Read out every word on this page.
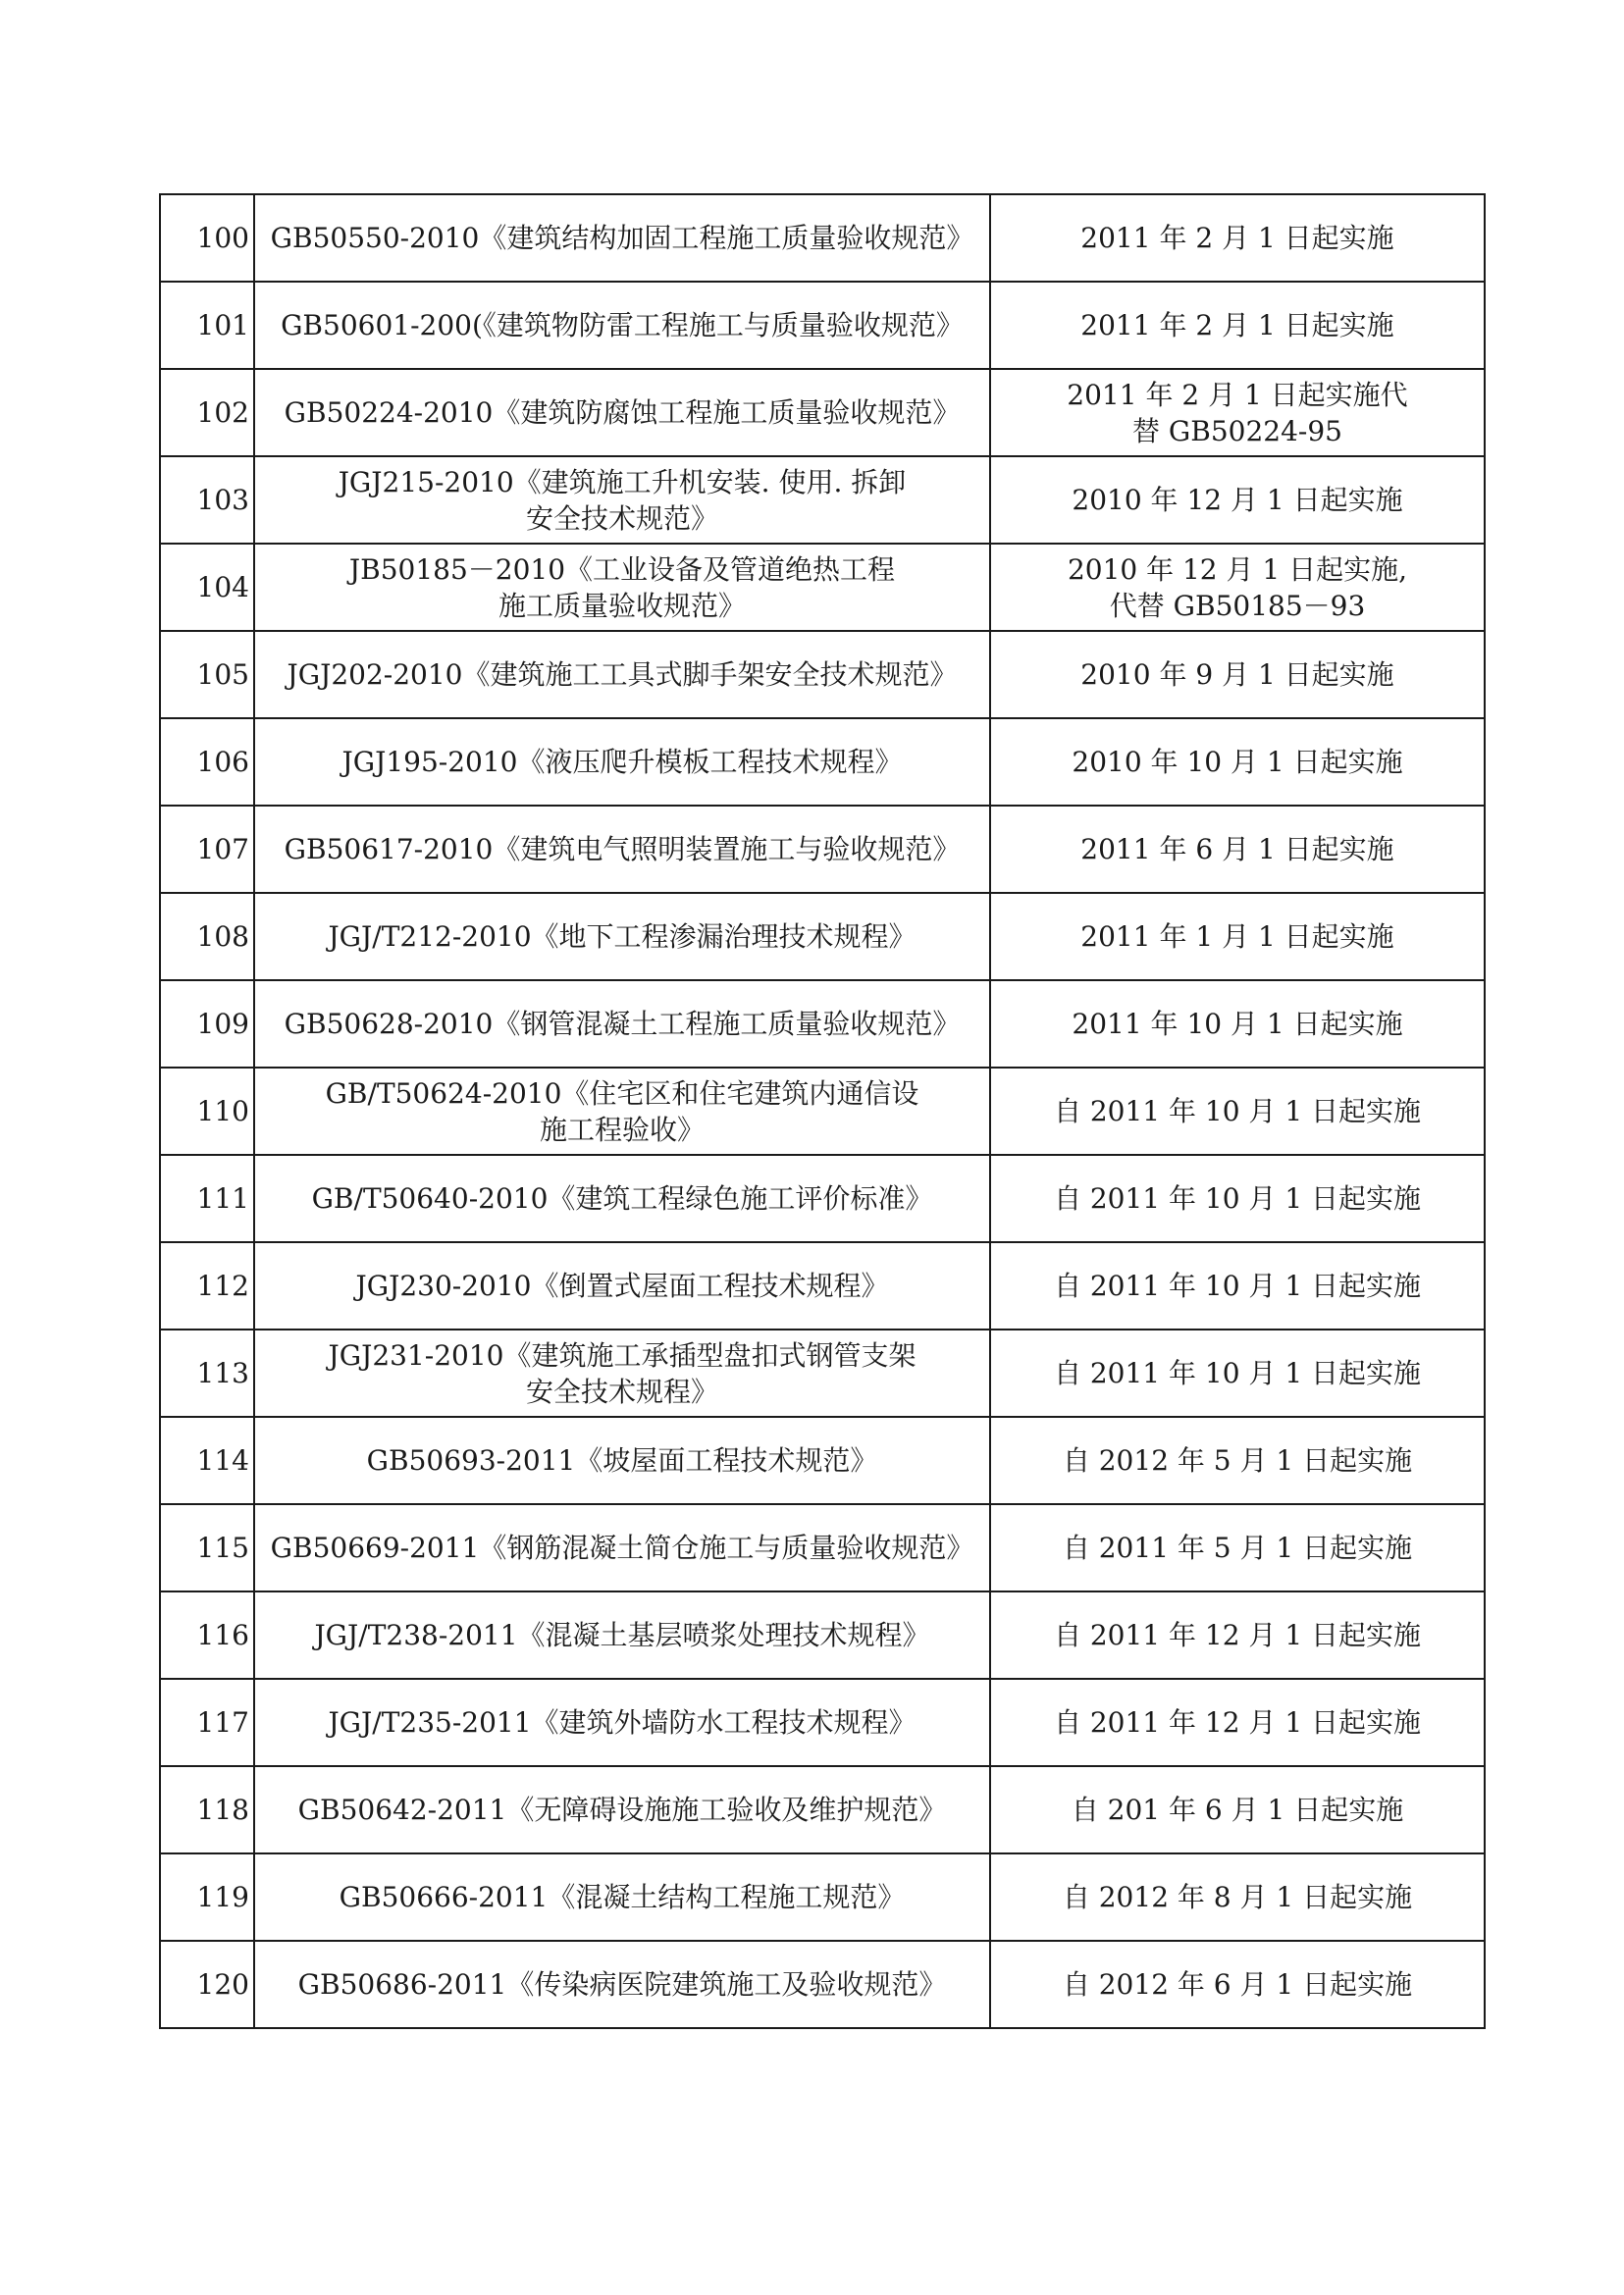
100	GB50550-2010《建筑结构加固工程施工质量验收规范》	2011 年 2 月 1 日起实施

101	GB50601-200(《建筑物防雷工程施工与质量验收规范》	2011 年 2 月 1 日起实施

102	GB50224-2010《建筑防腐蚀工程施工质量验收规范》	2011 年 2 月 1 日起实施代
替 GB50224-95

103	JGJ215-2010《建筑施工升机安装. 使用. 拆卸
安全技术规范》	2010 年 12 月 1 日起实施

104	JB50185－2010《工业设备及管道绝热工程
施工质量验收规范》	2010 年 12 月 1 日起实施,
代替 GB50185－93

105	JGJ202-2010《建筑施工工具式脚手架安全技术规范》	2010 年 9 月 1 日起实施

106	JGJ195-2010《液压爬升模板工程技术规程》	2010 年 10 月 1 日起实施

107	GB50617-2010《建筑电气照明装置施工与验收规范》	2011 年 6 月 1 日起实施

108	JGJ/T212-2010《地下工程渗漏治理技术规程》	2011 年 1 月 1 日起实施

109	GB50628-2010《钢管混凝土工程施工质量验收规范》	2011 年 10 月 1 日起实施

110	GB/T50624-2010《住宅区和住宅建筑内通信设
施工程验收》	自 2011 年 10 月 1 日起实施

111	GB/T50640-2010《建筑工程绿色施工评价标准》	自 2011 年 10 月 1 日起实施

112	JGJ230-2010《倒置式屋面工程技术规程》	自 2011 年 10 月 1 日起实施

113	JGJ231-2010《建筑施工承插型盘扣式钢管支架
安全技术规程》	自 2011 年 10 月 1 日起实施

114	GB50693-2011《坡屋面工程技术规范》	自 2012 年 5 月 1 日起实施

115	GB50669-2011《钢筋混凝土简仓施工与质量验收规范》	自 2011 年 5 月 1 日起实施

116	JGJ/T238-2011《混凝土基层喷浆处理技术规程》	自 2011 年 12 月 1 日起实施

117	JGJ/T235-2011《建筑外墙防水工程技术规程》	自 2011 年 12 月 1 日起实施

118	GB50642-2011《无障碍设施施工验收及维护规范》	自 201 年 6 月 1 日起实施

119	GB50666-2011《混凝土结构工程施工规范》	自 2012 年 8 月 1 日起实施

120	GB50686-2011《传染病医院建筑施工及验收规范》	自 2012 年 6 月 1 日起实施
